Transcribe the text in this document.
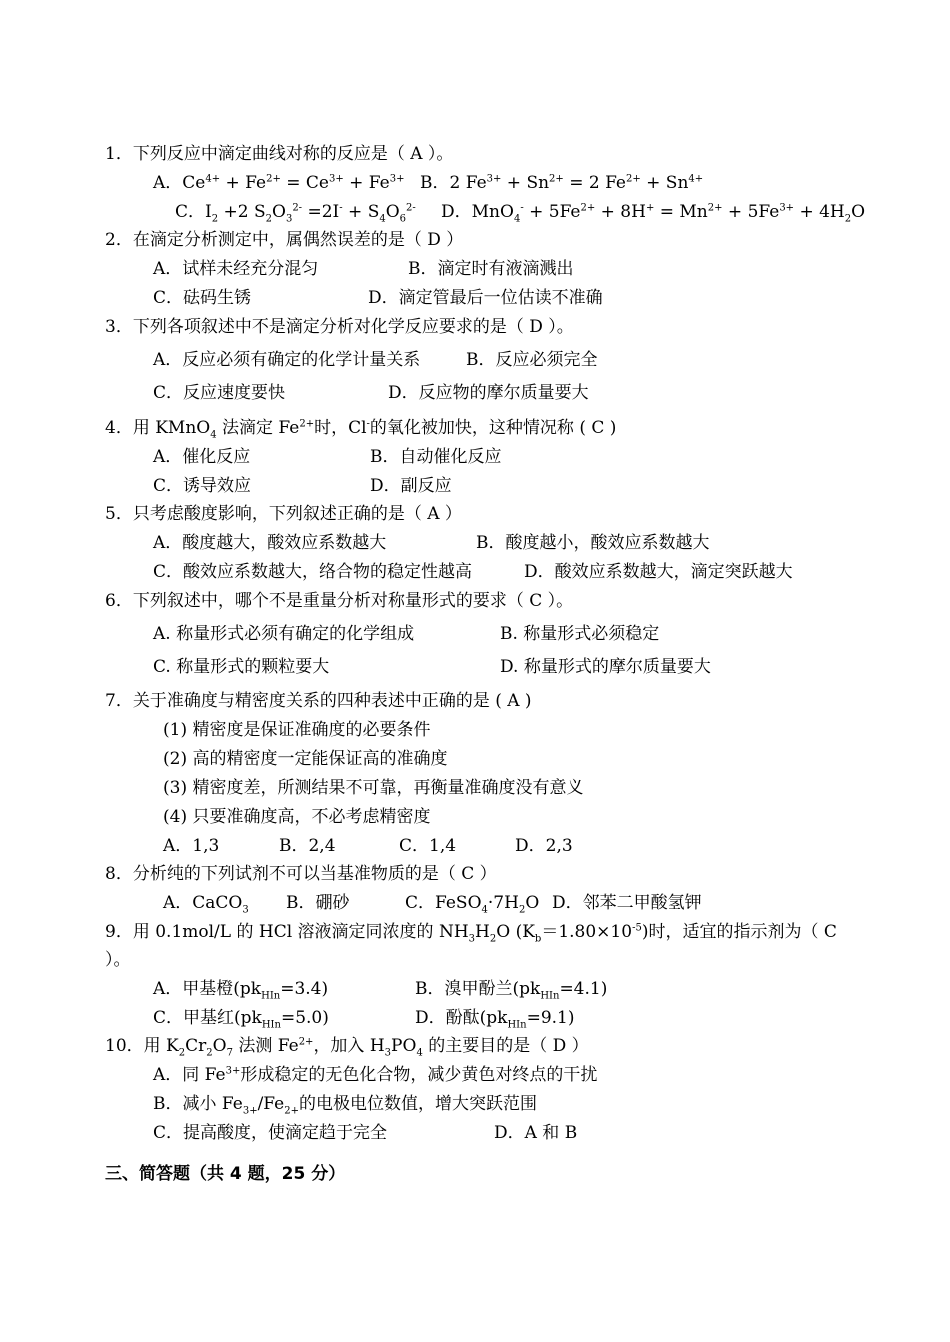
1．下列反应中滴定曲线对称的反应是（ A ）。
A．$Ce^{4+} + Fe^{2+} = Ce^{3+} + Fe^{3+}$ B．2 $Fe^{3+} + Sn^{2+} = 2$ $Fe^{2+} + Sn^{4+}$
C．$I_2 +2$ $S_2O_3^{2-} =2I^- + S_4O_6^{2-}$ D．$MnO_4^- + 5Fe^{2+} + 8H^+ = Mn^{2+} + 5Fe^{3+} + 4H_2O$
2．在滴定分析测定中，属偶然误差的是（ D ）
A．试样未经充分混匀	B．滴定时有液滴溅出
C．砝码生锈	D．滴定管最后一位估读不准确
3．下列各项叙述中不是滴定分析对化学反应要求的是（ D ）。
A．反应必须有确定的化学计量关系	B．反应必须完全
C．反应速度要快	D．反应物的摩尔质量要大
4．用 KMnO$_4$ 法滴定 $Fe^{2+}$时，Cl-的氧化被加快，这种情况称 ( C )
A．催化反应	B．自动催化反应
C．诱导效应	D．副反应
5．只考虑酸度影响，下列叙述正确的是（ A ）
A．酸度越大，酸效应系数越大	B．酸度越小，酸效应系数越大
C．酸效应系数越大，络合物的稳定性越高	D．酸效应系数越大，滴定突跃越大
6．下列叙述中，哪个不是重量分析对称量形式的要求（ C ）。
A. 称量形式必须有确定的化学组成	B. 称量形式必须稳定
C. 称量形式的颗粒要大	D. 称量形式的摩尔质量要大
7．关于准确度与精密度关系的四种表述中正确的是 ( A )
(1) 精密度是保证准确度的必要条件
(2) 高的精密度一定能保证高的准确度
(3) 精密度差，所测结果不可靠，再衡量准确度没有意义
(4) 只要准确度高，不必考虑精密度
A．1,3	B．2,4	C．1,4	D．2,3
8．分析纯的下列试剂不可以当基准物质的是（ C ）
A．CaCO$_3$ B．硼砂	C．$FeSO_4\cdot 7H_2O$ D．邻苯二甲酸氢钾
9．用 0.1mol/L 的 HCl 溶液滴定同浓度的 $NH_3H_2O$ $(K_b=1.80\times 10^{-5})$时，适宜的指示剂为（ C
）。
A．甲基橙$(pk_{HIn}=3.4)$	B．溴甲酚兰$(pk_{HIn}=4.1)$
C．甲基红$(pk_{HIn}=5.0)$	D．酚酞$(pk_{HIn}=9.1)$
10．用 $K_2Cr_2O_7$ 法测 $Fe^{2+}$，加入 $H_3PO_4$ 的主要目的是（ D ）
A．同 $Fe^{3+}$形成稳定的无色化合物，减少黄色对终点的干扰
B．减小 $Fe_{3+}/Fe_{2+}$的电极电位数值，增大突跃范围
C．提高酸度，使滴定趋于完全	D．A 和 B
三、简答题（共 4 题，25 分）
